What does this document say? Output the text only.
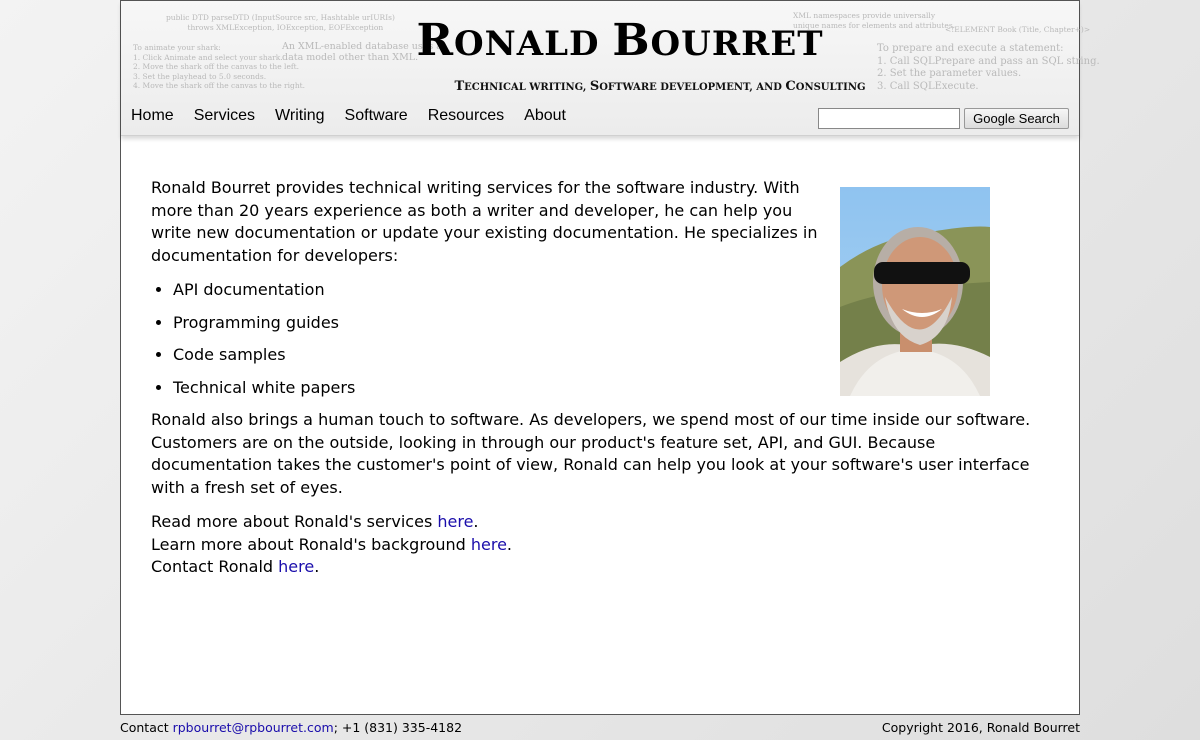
public DTD parseDTD (InputSource src, Hashtable urIURIs)
throws XMLException, IOException, EOFException
To animate your shark:
1. Click Animate and select your shark.
2. Move the shark off the canvas to the left.
3. Set the playhead to 5.0 seconds.
4. Move the shark off the canvas to the right.
An XML-enabled database uses a
data model other than XML.
XML namespaces provide universally
unique names for elements and attributes.
<!ELEMENT Book (Title, Chapter+)>
To prepare and execute a statement:
1. Call SQLPrepare and pass an SQL string.
2. Set the parameter values.
3. Call SQLExecute.
RONALD BOURRET
TECHNICAL WRITING, SOFTWARE DEVELOPMENT, AND CONSULTING
Home Services Writing Software Resources About	Google Search

Ronald Bourret provides technical writing services for the software industry. With more than 20 years experience as both a writer and developer, he can help you write new documentation or update your existing documentation. He specializes in documentation for developers:

• API documentation
• Programming guides
• Code samples
• Technical white papers

Ronald also brings a human touch to software. As developers, we spend most of our time inside our software. Customers are on the outside, looking in through our product's feature set, API, and GUI. Because documentation takes the customer's point of view, Ronald can help you look at your software's user interface with a fresh set of eyes.

Read more about Ronald's services here.
Learn more about Ronald's background here.
Contact Ronald here.

Contact rpbourret@rpbourret.com; +1 (831) 335-4182	Copyright 2016, Ronald Bourret
